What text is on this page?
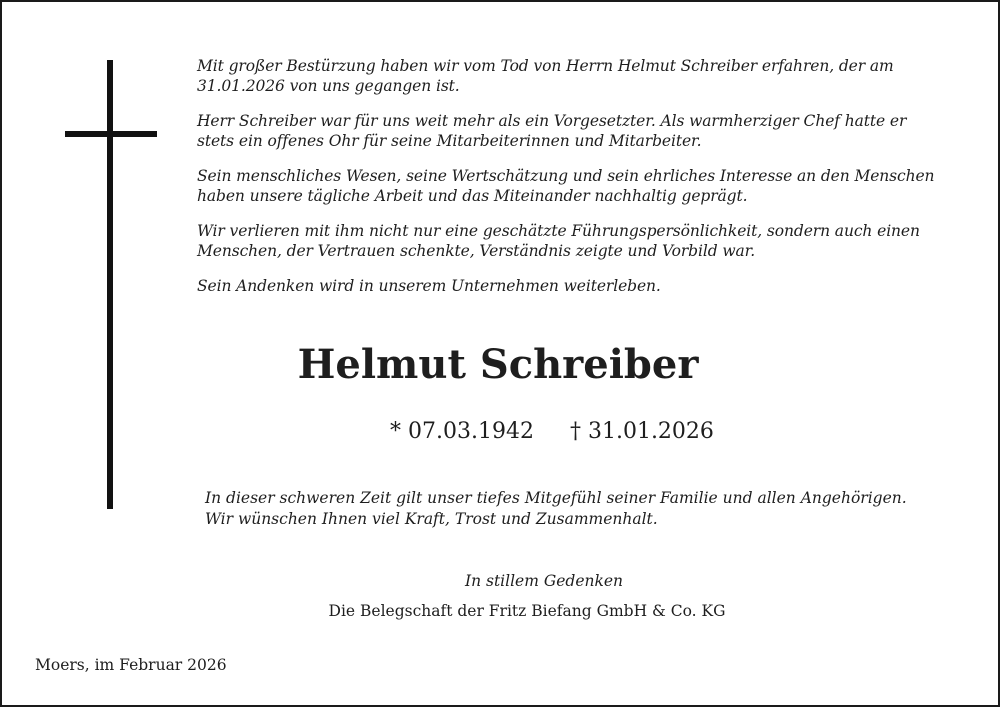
Mit großer Bestürzung haben wir vom Tod von Herrn Helmut Schreiber erfahren, der am
31.01.2026 von uns gegangen ist.

Herr Schreiber war für uns weit mehr als ein Vorgesetzter. Als warmherziger Chef hatte er
stets ein offenes Ohr für seine Mitarbeiterinnen und Mitarbeiter.

Sein menschliches Wesen, seine Wertschätzung und sein ehrliches Interesse an den Menschen
haben unsere tägliche Arbeit und das Miteinander nachhaltig geprägt.

Wir verlieren mit ihm nicht nur eine geschätzte Führungspersönlichkeit, sondern auch einen
Menschen, der Vertrauen schenkte, Verständnis zeigte und Vorbild war.

Sein Andenken wird in unserem Unternehmen weiterleben.

Helmut Schreiber
* 07.03.1942 † 31.01.2026

In dieser schweren Zeit gilt unser tiefes Mitgefühl seiner Familie und allen Angehörigen.

Wir wünschen Ihnen viel Kraft, Trost und Zusammenhalt.

In stillem Gedenken
Die Belegschaft der Fritz Biefang GmbH & Co. KG
Moers, im Februar 2026
